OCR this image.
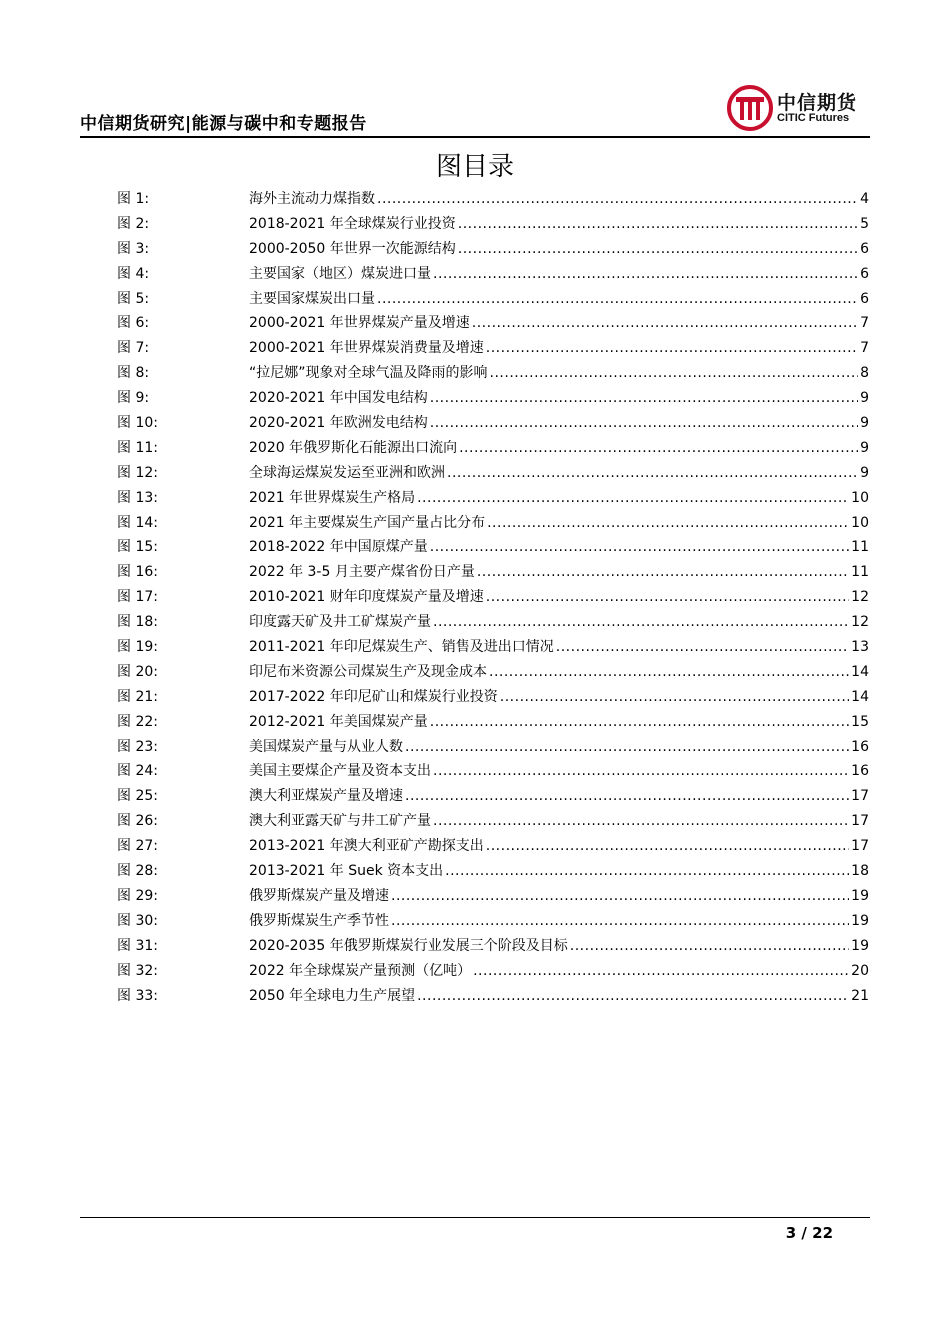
中信期货研究|能源与碳中和专题报告
中信期货
CITIC Futures
图目录
图 1:	海外主流动力煤指数 .....	4
图 2:	2018-2021 年全球煤炭行业投资 .....	5
图 3:	2000-2050 年世界一次能源结构 .....	6
图 4:	主要国家（地区）煤炭进口量 .....	6
图 5:	主要国家煤炭出口量 .....	6
图 6:	2000-2021 年世界煤炭产量及增速 .....	7
图 7:	2000-2021 年世界煤炭消费量及增速 .....	7
图 8:	“拉尼娜”现象对全球气温及降雨的影响 .....	8
图 9:	2020-2021 年中国发电结构 .....	9
图 10:	2020-2021 年欧洲发电结构 .....	9
图 11:	2020 年俄罗斯化石能源出口流向 .....	9
图 12:	全球海运煤炭发运至亚洲和欧洲 .....	9
图 13:	2021 年世界煤炭生产格局 .....	10
图 14:	2021 年主要煤炭生产国产量占比分布 .....	10
图 15:	2018-2022 年中国原煤产量 .....	11
图 16:	2022 年 3-5 月主要产煤省份日产量 .....	11
图 17:	2010-2021 财年印度煤炭产量及增速 .....	12
图 18:	印度露天矿及井工矿煤炭产量 .....	12
图 19:	2011-2021 年印尼煤炭生产、销售及进出口情况 .....	13
图 20:	印尼布米资源公司煤炭生产及现金成本 .....	14
图 21:	2017-2022 年印尼矿山和煤炭行业投资 .....	14
图 22:	2012-2021 年美国煤炭产量 .....	15
图 23:	美国煤炭产量与从业人数 .....	16
图 24:	美国主要煤企产量及资本支出 .....	16
图 25:	澳大利亚煤炭产量及增速 .....	17
图 26:	澳大利亚露天矿与井工矿产量 .....	17
图 27:	2013-2021 年澳大利亚矿产勘探支出 .....	17
图 28:	2013-2021 年 Suek 资本支出 .....	18
图 29:	俄罗斯煤炭产量及增速 .....	19
图 30:	俄罗斯煤炭生产季节性 .....	19
图 31:	2020-2035 年俄罗斯煤炭行业发展三个阶段及目标 .....	19
图 32:	2022 年全球煤炭产量预测（亿吨） .....	20
图 33:	2050 年全球电力生产展望 .....	21
3 / 22
